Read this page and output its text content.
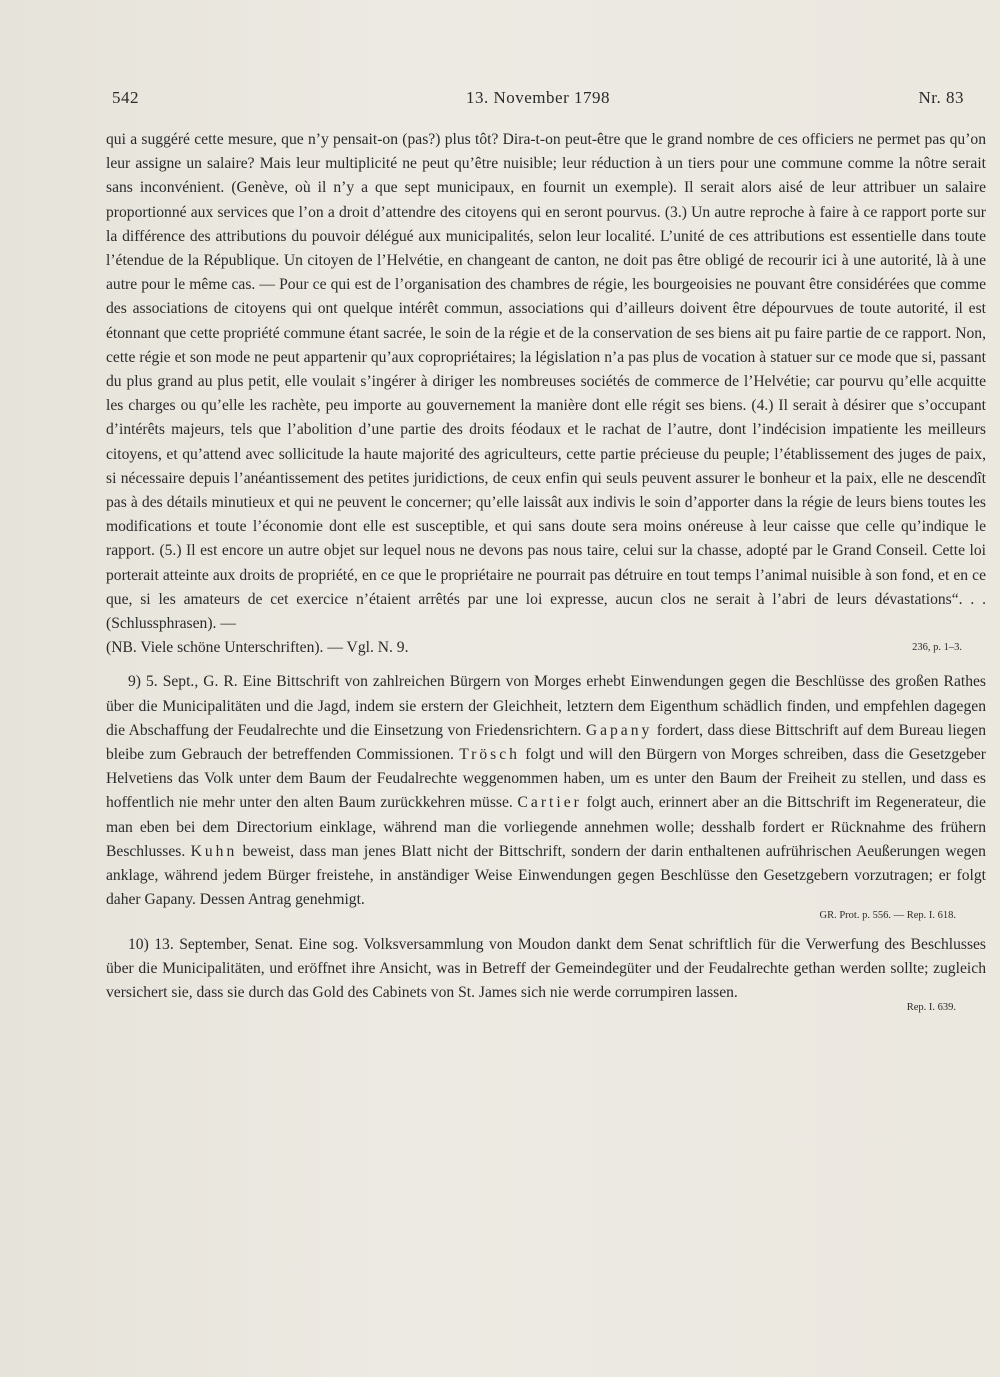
542	13. November 1798	Nr. 83

qui a suggéré cette mesure, que n’y pensait-on (pas?) plus tôt? Dira-t-on peut-être que le grand nombre de ces officiers ne permet pas qu’on leur assigne un salaire? Mais leur multiplicité ne peut qu’être nuisible; leur réduction à un tiers pour une commune comme la nôtre serait sans inconvénient. (Genève, où il n’y a que sept municipaux, en fournit un exemple). Il serait alors aisé de leur attribuer un salaire proportionné aux services que l’on a droit d’attendre des citoyens qui en seront pourvus. (3.) Un autre reproche à faire à ce rapport porte sur la différence des attributions du pouvoir délégué aux municipalités, selon leur localité. L’unité de ces attributions est essentielle dans toute l’étendue de la République. Un citoyen de l’Helvétie, en changeant de canton, ne doit pas être obligé de recourir ici à une autorité, là à une autre pour le même cas. — Pour ce qui est de l’organisation des chambres de régie, les bourgeoisies ne pouvant être considérées que comme des associations de citoyens qui ont quelque intérêt commun, associations qui d’ailleurs doivent être dépourvues de toute autorité, il est étonnant que cette propriété commune étant sacrée, le soin de la régie et de la conservation de ses biens ait pu faire partie de ce rapport. Non, cette régie et son mode ne peut appartenir qu’aux copropriétaires; la législation n’a pas plus de vocation à statuer sur ce mode que si, passant du plus grand au plus petit, elle voulait s’ingérer à diriger les nombreuses sociétés de commerce de l’Helvétie; car pourvu qu’elle acquitte les charges ou qu’elle les rachète, peu importe au gouvernement la manière dont elle régit ses biens. (4.) Il serait à désirer que s’occupant d’intérêts majeurs, tels que l’abolition d’une partie des droits féodaux et le rachat de l’autre, dont l’indécision impatiente les meilleurs citoyens, et qu’attend avec sollicitude la haute majorité des agriculteurs, cette partie précieuse du peuple; l’établissement des juges de paix, si nécessaire depuis l’anéantissement des petites juridictions, de ceux enfin qui seuls peuvent assurer le bonheur et la paix, elle ne descendît pas à des détails minutieux et qui ne peuvent le concerner; qu’elle laissât aux indivis le soin d’apporter dans la régie de leurs biens toutes les modifications et toute l’économie dont elle est susceptible, et qui sans doute sera moins onéreuse à leur caisse que celle qu’indique le rapport. (5.) Il est encore un autre objet sur lequel nous ne devons pas nous taire, celui sur la chasse, adopté par le Grand Conseil. Cette loi porterait atteinte aux droits de propriété, en ce que le propriétaire ne pourrait pas détruire en tout temps l’animal nuisible à son fond, et en ce que, si les amateurs de cet exercice n’étaient arrêtés par une loi expresse, aucun clos ne serait à l’abri de leurs dévastations“. . . (Schlussphrasen). —

(NB. Viele schöne Unterschriften). — Vgl. N. 9.	236, p. 1–3.

9) 5. Sept., G. R. Eine Bittschrift von zahlreichen Bürgern von Morges erhebt Einwendungen gegen die Beschlüsse des großen Rathes über die Municipalitäten und die Jagd, indem sie erstern der Gleichheit, letztern dem Eigenthum schädlich finden, und empfehlen dagegen die Abschaffung der Feudalrechte und die Einsetzung von Friedensrichtern. Gapany fordert, dass diese Bittschrift auf dem Bureau liegen bleibe zum Gebrauch der betreffenden Commissionen. Trösch folgt und will den Bürgern von Morges schreiben, dass die Gesetzgeber Helvetiens das Volk unter dem Baum der Feudalrechte weggenommen haben, um es unter den Baum der Freiheit zu stellen, und dass es hoffentlich nie mehr unter den alten Baum zurückkehren müsse. Cartier folgt auch, erinnert aber an die Bittschrift im Regenerateur, die man eben bei dem Directorium einklage, während man die vorliegende annehmen wolle; desshalb fordert er Rücknahme des frühern Beschlusses. Kuhn beweist, dass man jenes Blatt nicht der Bittschrift, sondern der darin enthaltenen aufrührischen Aeußerungen wegen anklage, während jedem Bürger freistehe, in anständiger Weise Einwendungen gegen Beschlüsse den Gesetzgebern vorzutragen; er folgt daher Gapany. Dessen Antrag genehmigt.

GR. Prot. p. 556. — Rep. I. 618.

10) 13. September, Senat. Eine sog. Volksversammlung von Moudon dankt dem Senat schriftlich für die Verwerfung des Beschlusses über die Municipalitäten, und eröffnet ihre Ansicht, was in Betreff der Gemeindegüter und der Feudalrechte gethan werden sollte; zugleich versichert sie, dass sie durch das Gold des Cabinets von St. James sich nie werde corrumpiren lassen.

Rep. I. 639.
